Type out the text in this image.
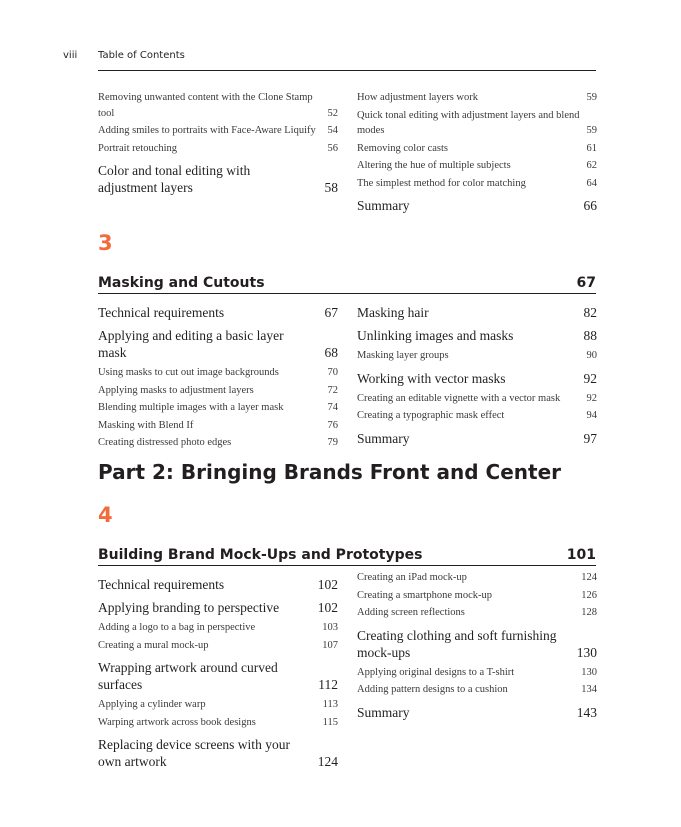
viii Table of Contents
Removing unwanted content with the Clone Stamp tool	52
Adding smiles to portraits with Face-Aware Liquify	54
Portrait retouching	56
Color and tonal editing with adjustment layers	58
How adjustment layers work	59
Quick tonal editing with adjustment layers and blend modes	59
Removing color casts	61
Altering the hue of multiple subjects	62
The simplest method for color matching	64
Summary	66
3
Masking and Cutouts	67
Technical requirements	67
Applying and editing a basic layer mask	68
Using masks to cut out image backgrounds	70
Applying masks to adjustment layers	72
Blending multiple images with a layer mask	74
Masking with Blend If	76
Creating distressed photo edges	79
Masking hair	82
Unlinking images and masks	88
Masking layer groups	90
Working with vector masks	92
Creating an editable vignette with a vector mask	92
Creating a typographic mask effect	94
Summary	97
Part 2: Bringing Brands Front and Center
4
Building Brand Mock-Ups and Prototypes	101
Technical requirements	102
Applying branding to perspective	102
Adding a logo to a bag in perspective	103
Creating a mural mock-up	107
Wrapping artwork around curved surfaces	112
Applying a cylinder warp	113
Warping artwork across book designs	115
Replacing device screens with your own artwork	124
Creating an iPad mock-up	124
Creating a smartphone mock-up	126
Adding screen reflections	128
Creating clothing and soft furnishing mock-ups	130
Applying original designs to a T-shirt	130
Adding pattern designs to a cushion	134
Summary	143
